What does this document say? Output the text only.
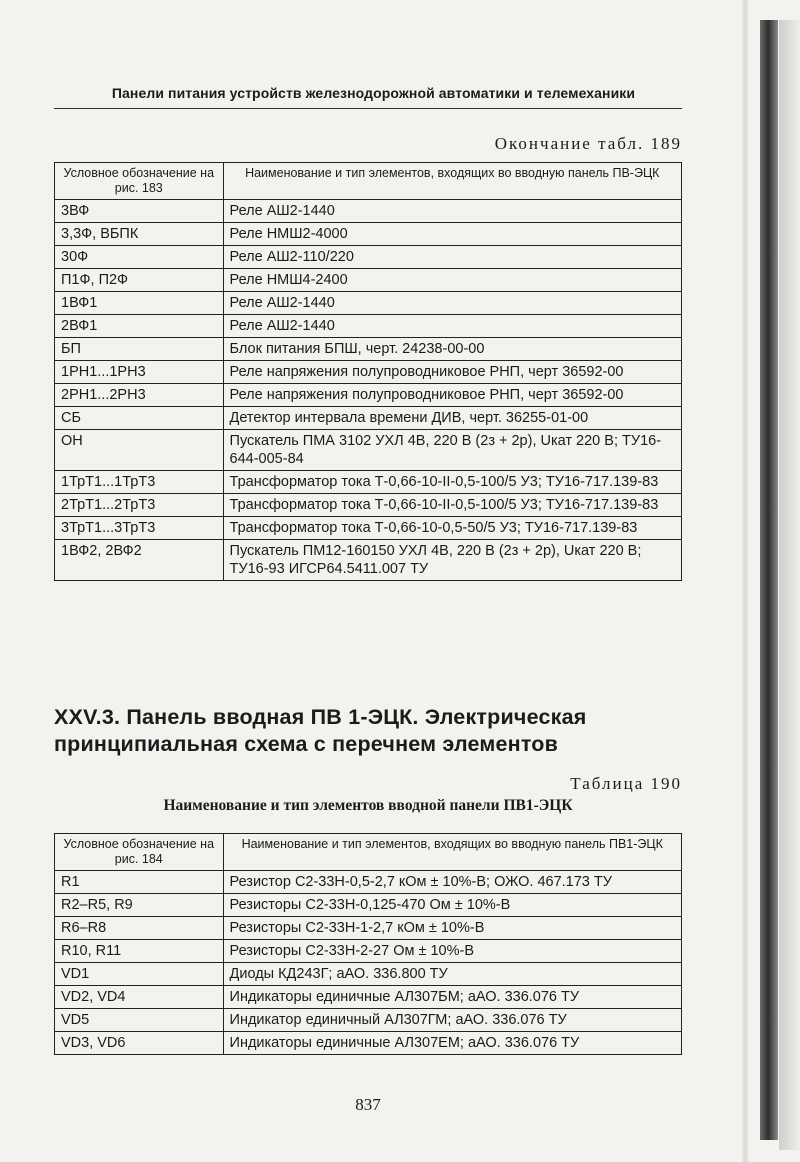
Панели питания устройств железнодорожной автоматики и телемеханики
Окончание табл. 189
Условное обозначение на рис. 183	Наименование и тип элементов, входящих во вводную панель ПВ-ЭЦК
3ВФ	Реле АШ2-1440
3,3Ф, ВБПК	Реле НМШ2-4000
30Ф	Реле АШ2-110/220
П1Ф, П2Ф	Реле НМШ4-2400
1ВФ1	Реле АШ2-1440
2ВФ1	Реле АШ2-1440
БП	Блок питания БПШ, черт. 24238-00-00
1РН1...1РН3	Реле напряжения полупроводниковое РНП, черт 36592-00
2РН1...2РН3	Реле напряжения полупроводниковое РНП, черт 36592-00
СБ	Детектор интервала времени ДИВ, черт. 36255-01-00
ОН	Пускатель ПМА 3102 УХЛ 4В, 220 В (2з + 2р), Uкат 220 В; ТУ16-644-005-84
1ТрТ1...1ТрТ3	Трансформатор тока Т-0,66-10-II-0,5-100/5 У3; ТУ16-717.139-83
2ТрТ1...2ТрТ3	Трансформатор тока Т-0,66-10-II-0,5-100/5 У3; ТУ16-717.139-83
3ТрТ1...3ТрТ3	Трансформатор тока Т-0,66-10-0,5-50/5 У3; ТУ16-717.139-83
1ВФ2, 2ВФ2	Пускатель ПМ12-160150 УХЛ 4В, 220 В (2з + 2р), Uкат 220 В; ТУ16-93 ИГСР64.5411.007 ТУ
XXV.3. Панель вводная ПВ 1-ЭЦК. Электрическая принципиальная схема с перечнем элементов
Таблица 190
Наименование и тип элементов вводной панели ПВ1-ЭЦК
Условное обозначение на рис. 184	Наименование и тип элементов, входящих во вводную панель ПВ1-ЭЦК
R1	Резистор С2-33Н-0,5-2,7 кОм ± 10%-В; ОЖО. 467.173 ТУ
R2–R5, R9	Резисторы С2-33Н-0,125-470 Ом ± 10%-В
R6–R8	Резисторы С2-33Н-1-2,7 кОм ± 10%-В
R10, R11	Резисторы С2-33Н-2-27 Ом ± 10%-В
VD1	Диоды КД243Г; аАО. 336.800 ТУ
VD2, VD4	Индикаторы единичные АЛ307БМ; аАО. 336.076 ТУ
VD5	Индикатор единичный АЛ307ГМ; аАО. 336.076 ТУ
VD3, VD6	Индикаторы единичные АЛ307ЕМ; аАО. 336.076 ТУ
837
